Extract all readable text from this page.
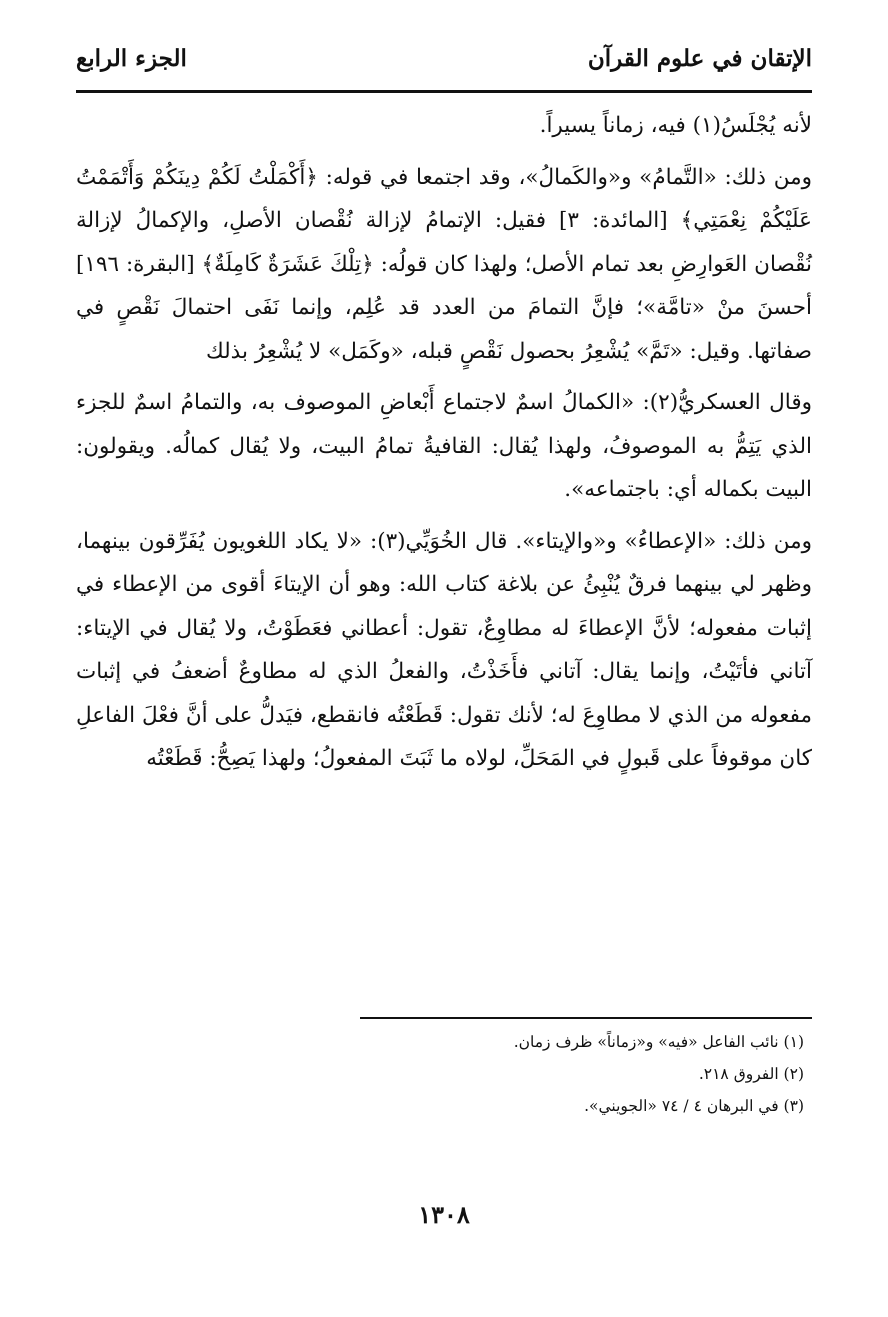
الإتقان في علوم القرآن
الجزء الرابع

لأنه يُجْلَسُ(١) فيه، زماناً يسيراً.

ومن ذلك: «التَّمامُ» و«والكَمالُ»، وقد اجتمعا في قوله: ﴿أَكْمَلْتُ لَكُمْ دِينَكُمْ وَأَتْمَمْتُ عَلَيْكُمْ نِعْمَتِي﴾ [المائدة: ٣] فقيل: الإتمامُ لإزالة نُقْصان الأصلِ، والإكمالُ لإزالة نُقْصان العَوارِضِ بعد تمام الأصل؛ ولهذا كان قولُه: ﴿تِلْكَ عَشَرَةٌ كَامِلَةٌ﴾ [البقرة: ١٩٦] أحسنَ منْ «تامَّة»؛ فإنَّ التمامَ من العدد قد عُلِم، وإنما نَفَى احتمالَ نَقْصٍ في صفاتها. وقيل: «تَمَّ» يُشْعِرُ بحصول نَقْصٍ قبله، «وكَمَل» لا يُشْعِرُ بذلك

وقال العسكريُّ(٢): «الكمالُ اسمٌ لاجتماع أَبْعاضِ الموصوف به، والتمامُ اسمٌ للجزء الذي يَتِمُّ به الموصوفُ، ولهذا يُقال: القافيةُ تمامُ البيت، ولا يُقال كمالُه. ويقولون: البيت بكماله أي: باجتماعه».

ومن ذلك: «الإعطاءُ» و«والإيتاء». قال الخُوَيِّي(٣): «لا يكاد اللغويون يُفَرِّقون بينهما، وظهر لي بينهما فرقٌ يُنْبِئُ عن بلاغة كتاب الله: وهو أن الإيتاءَ أقوى من الإعطاء في إثبات مفعوله؛ لأنَّ الإعطاءَ له مطاوِعٌ، تقول: أعطاني فعَطَوْتُ، ولا يُقال في الإيتاء: آتاني فأتَيْتُ، وإنما يقال: آتاني فأَخَذْتُ، والفعلُ الذي له مطاوعٌ أضعفُ في إثبات مفعوله من الذي لا مطاوِعَ له؛ لأنك تقول: قَطَعْتُه فانقطع، فيَدلُّ على أنَّ فعْلَ الفاعلِ كان موقوفاً على قَبولٍ في المَحَلِّ، لولاه ما ثَبَتَ المفعولُ؛ ولهذا يَصِحُّ: قَطَعْتُه

(١) نائب الفاعل «فيه» و«زماناً» ظرف زمان.

(٢) الفروق ٢١٨.

(٣) في البرهان ٤ / ٧٤ «الجويني».

١٣٠٨
